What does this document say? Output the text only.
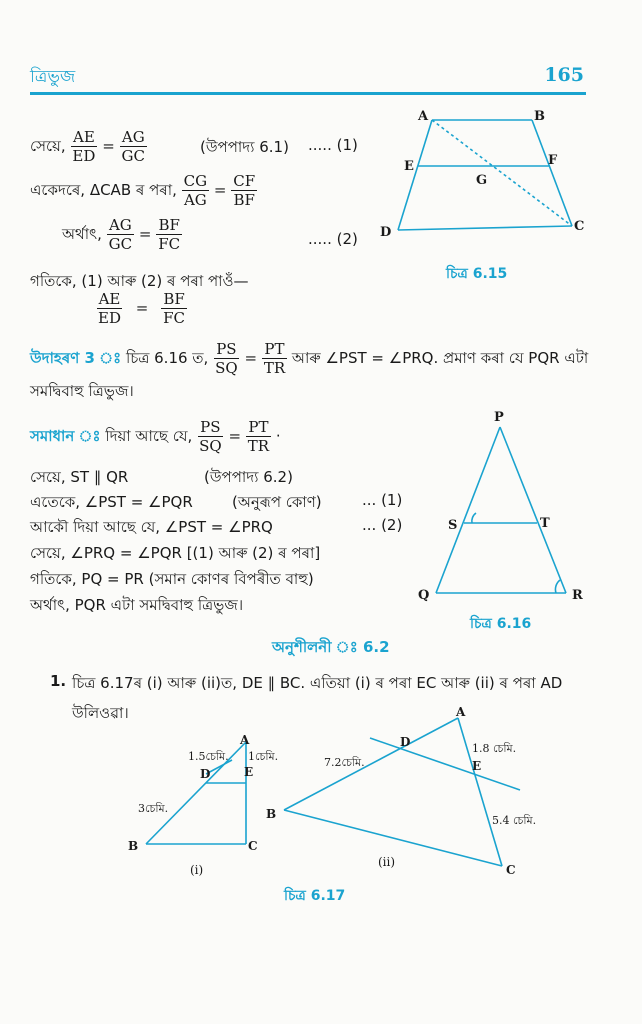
ত্ৰিভুজ	165
সেয়ে, $\frac{AE}{ED} = \frac{AG}{GC}$	(উপপাদ্য 6.1) ..... (1)
একেদৰে, ΔCAB ৰ পৰা, $\frac{CG}{AG} = \frac{CF}{BF}$
অর্থাৎ, $\frac{AG}{GC} = \frac{BF}{FC}$	..... (2)
গতিকে, (1) আৰু (2) ৰ পৰা পাওঁ—
$\frac{AE}{ED} = \frac{BF}{FC}$
A	B
E	F
G
D	C
চিত্ৰ 6.15
উদাহৰণ 3 ঃ চিত্ৰ 6.16 ত, $\frac{PS}{SQ} = \frac{PT}{TR}$ আৰু ∠PST = ∠PRQ. প্ৰমাণ কৰা যে PQR এটা
সমদ্বিবাহু ত্ৰিভুজ।
সমাধান ঃ দিয়া আছে যে, $\frac{PS}{SQ} = \frac{PT}{TR}$ ·
সেয়ে, ST ∥ QR	(উপপাদ্য 6.2)
এতেকে, ∠PST = ∠PQR	(অনুৰূপ কোণ)	... (1)
আকৌ দিয়া আছে যে, ∠PST = ∠PRQ	... (2)
সেয়ে, ∠PRQ = ∠PQR [(1) আৰু (2) ৰ পৰা]
গতিকে, PQ = PR (সমান কোণৰ বিপৰীত বাহু)
অর্থাৎ, PQR এটা সমদ্বিবাহু ত্ৰিভুজ।
P
S	T
Q	R
চিত্ৰ 6.16
অনুশীলনী ঃ 6.2
1. চিত্ৰ 6.17ৰ (i) আৰু (ii)ত, DE ∥ BC. এতিয়া (i) ৰ পৰা EC আৰু (ii) ৰ পৰা AD
উলিওৱা।
A
D	E
B	C
1.5চেমি. 1চেমি.
3চেমি.
(i)
A
D
E
B
C
7.2চেমি.
1.8 চেমি.
5.4 চেমি.
(ii)
চিত্ৰ 6.17
